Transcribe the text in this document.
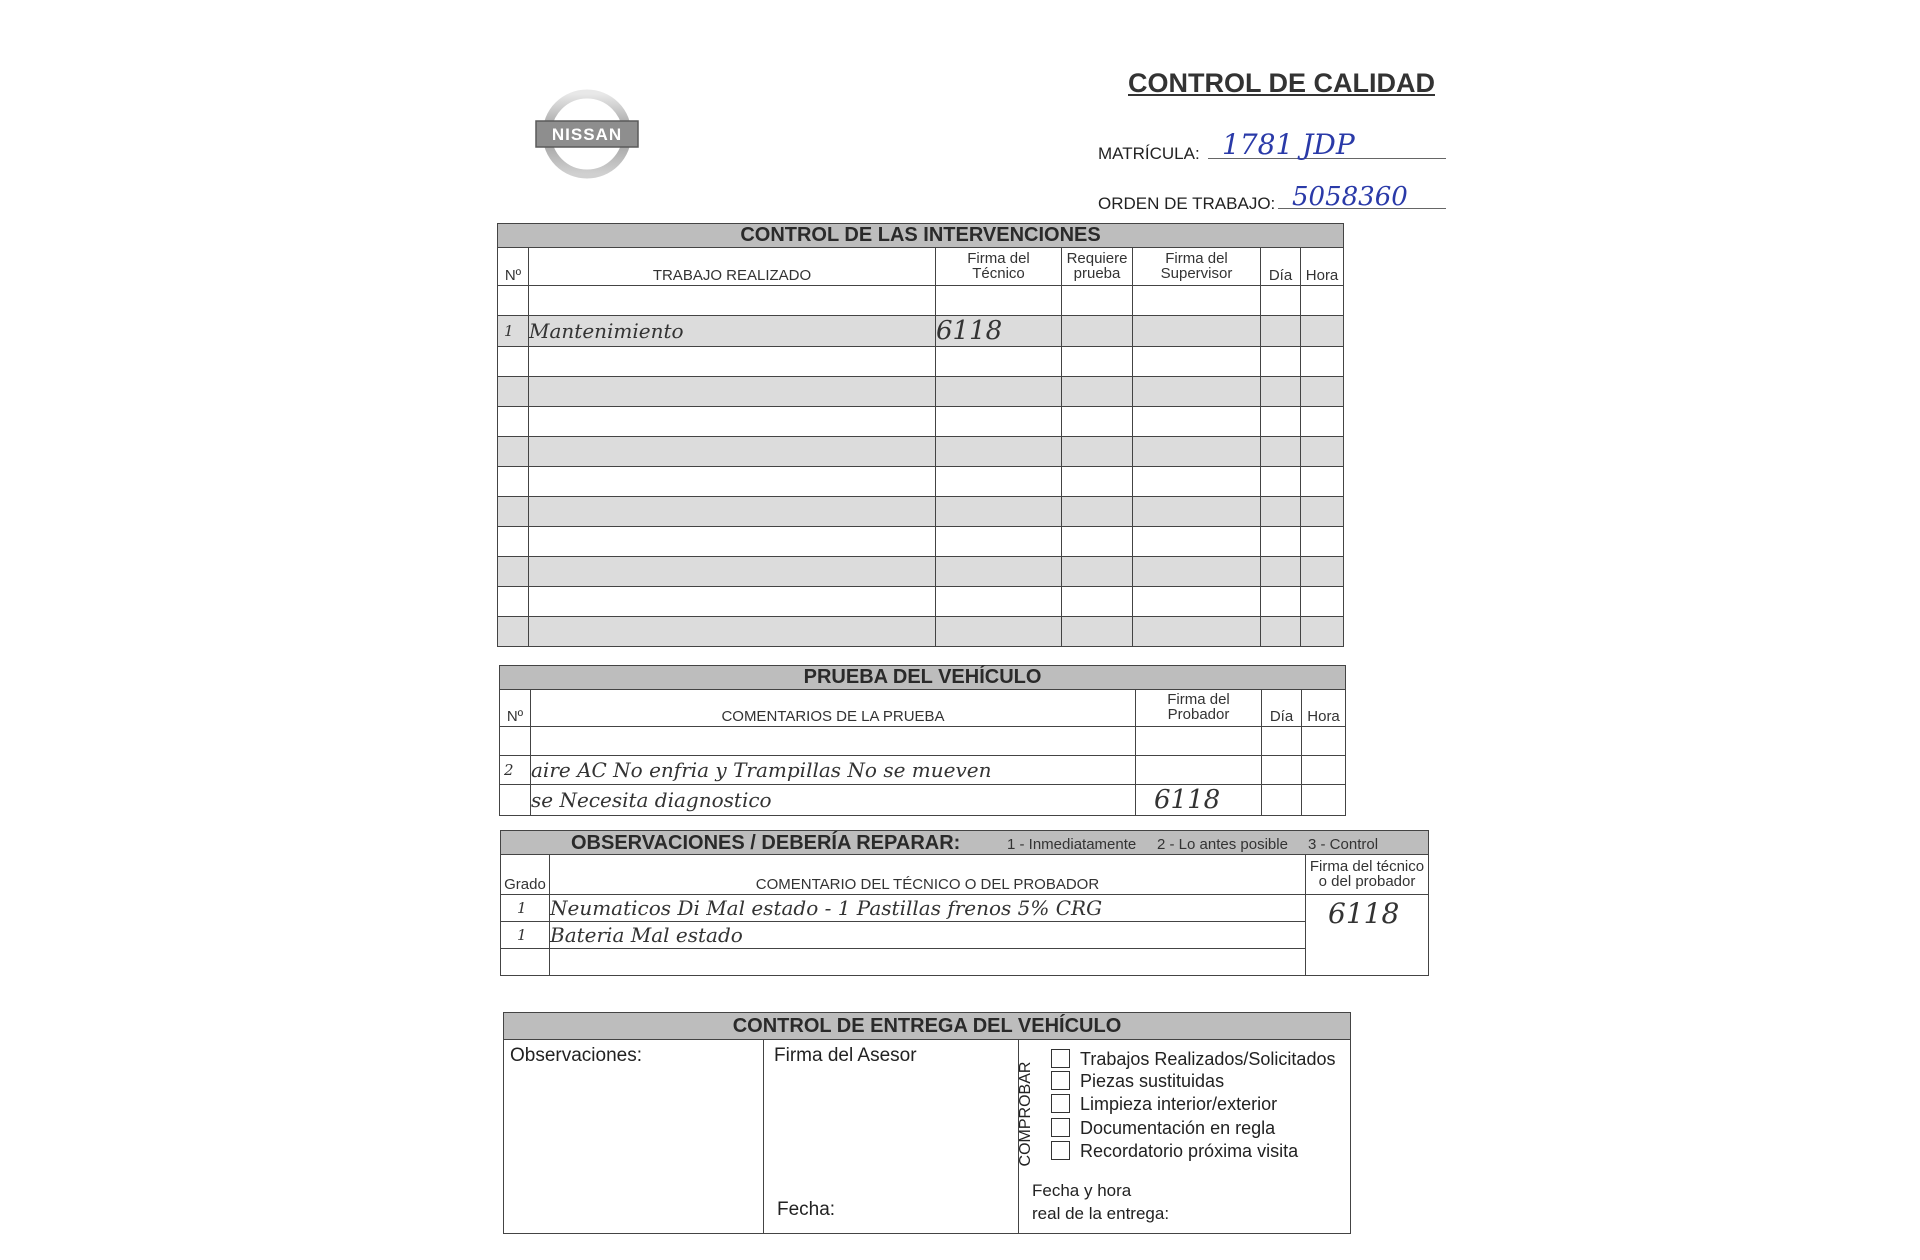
NISSAN
CONTROL DE CALIDAD
MATRÍCULA: 1781 JDP
ORDEN DE TRABAJO: 5058360
CONTROL DE LAS INTERVENCIONES						
Nº	TRABAJO REALIZADO	Firma del Técnico	Requiere prueba	Firma del Supervisor	Día	Hora

1	Mantenimiento	6118				

PRUEBA DEL VEHÍCULO				
Nº	COMENTARIOS DE LA PRUEBA	Firma del Probador	Día	Hora

2	aire AC No enfria y Trampillas No se mueven			
	se Necesita diagnostico	6118		
OBSERVACIONES / DEBERÍA REPARAR: 1 - Inmediatamente 2 - Lo antes posible 3 - Control		

Grado	COMENTARIO DEL TÉCNICO O DEL PROBADOR	Firma del técnico o del probador

1	Neumaticos Di Mal estado - 1 Pastillas frenos 5% CRG	6118
1	Bateria Mal estado	

CONTROL DE ENTREGA DEL VEHÍCULO
Observaciones:	Firma del Asesor
Fecha:
COMPROBAR
Trabajos Realizados/Solicitados
Piezas sustituidas
Limpieza interior/exterior
Documentación en regla
Recordatorio próxima visita
Fecha y hora
real de la entrega:
